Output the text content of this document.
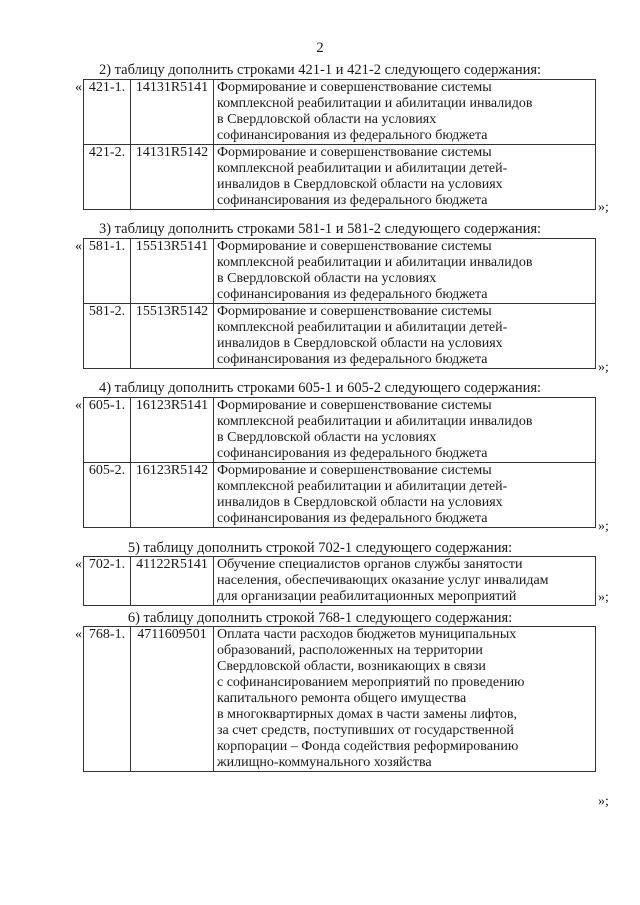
2
2) таблицу дополнить строками 421-1 и 421-2 следующего содержания:
« 421-1.	14131R5141	Формирование и совершенствование системы
комплексной реабилитации и абилитации инвалидов
в Свердловской области на условиях
софинансирования из федерального бюджета
421-2.	14131R5142	Формирование и совершенствование системы
комплексной реабилитации и абилитации детей-
инвалидов в Свердловской области на условиях
софинансирования из федерального бюджета	»;
3) таблицу дополнить строками 581-1 и 581-2 следующего содержания:
« 581-1.	15513R5141	Формирование и совершенствование системы
комплексной реабилитации и абилитации инвалидов
в Свердловской области на условиях
софинансирования из федерального бюджета
581-2.	15513R5142	Формирование и совершенствование системы
комплексной реабилитации и абилитации детей-
инвалидов в Свердловской области на условиях
софинансирования из федерального бюджета
»;
4) таблицу дополнить строками 605-1 и 605-2 следующего содержания:
« 605-1.	16123R5141	Формирование и совершенствование системы
комплексной реабилитации и абилитации инвалидов
в Свердловской области на условиях
софинансирования из федерального бюджета
605-2.	16123R5142	Формирование и совершенствование системы
комплексной реабилитации и абилитации детей-
инвалидов в Свердловской области на условиях
софинансирования из федерального бюджета
»;
5) таблицу дополнить строкой 702-1 следующего содержания:
« 702-1.	41122R5141	Обучение специалистов органов службы занятости
населения, обеспечивающих оказание услуг инвалидам
для организации реабилитационных мероприятий	»;
6) таблицу дополнить строкой 768-1 следующего содержания:
« 768-1.	4711609501	Оплата части расходов бюджетов муниципальных
образований, расположенных на территории
Свердловской области, возникающих в связи
с софинансированием мероприятий по проведению
капитального ремонта общего имущества
в многоквартирных домах в части замены лифтов,
за счет средств, поступивших от государственной
корпорации – Фонда содействия реформированию
жилищно-коммунального хозяйства
»;
